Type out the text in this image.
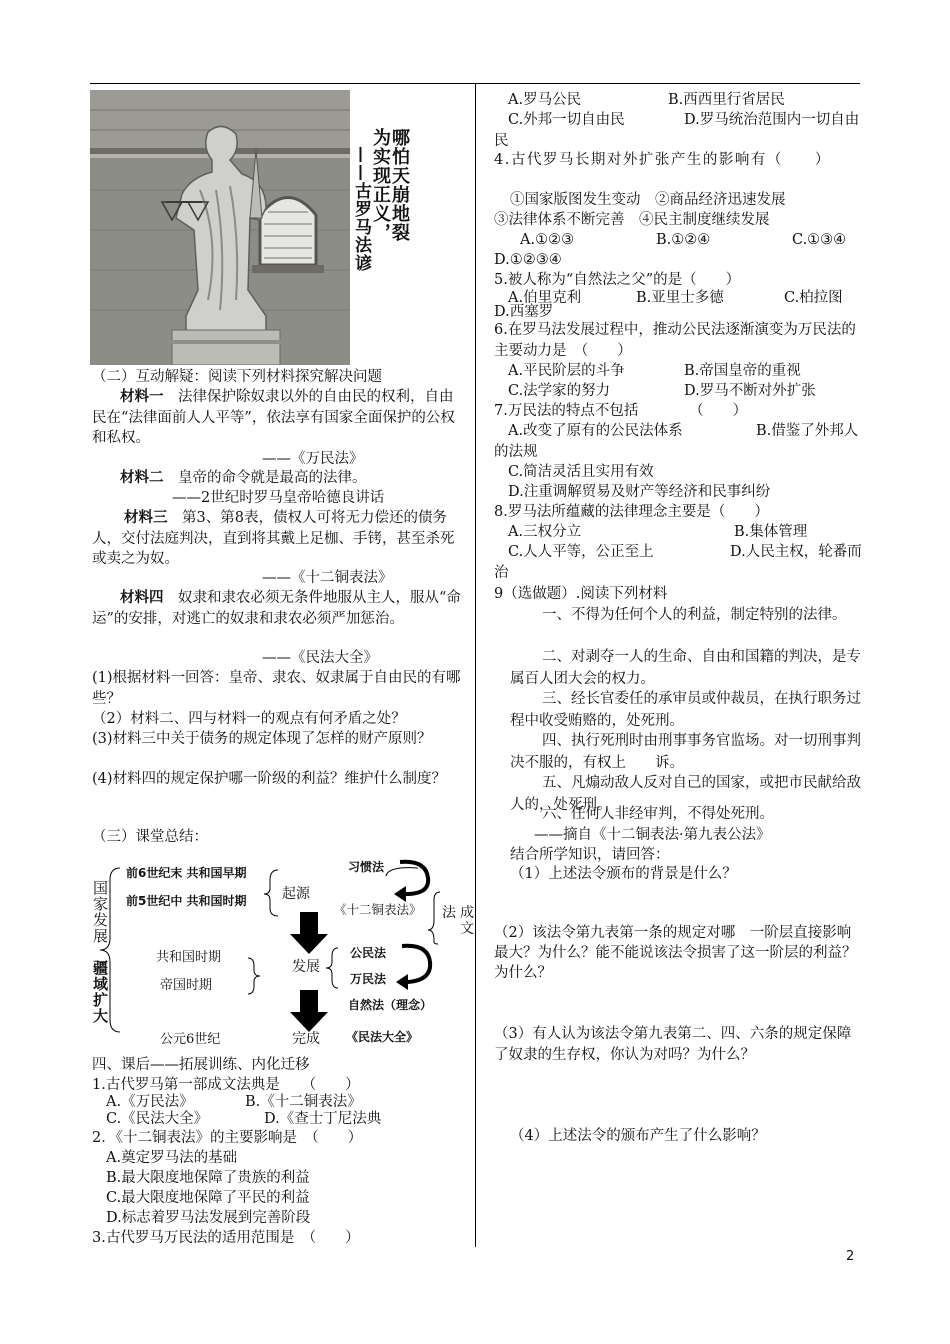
为实现正义，
哪怕天崩地裂
——古罗马法谚
（二）互动解疑：阅读下列材料探究解决问题
材料一　 法律保护除奴隶以外的自由民的权利，自由民在“法律面前人人平等”，依法享有国家全面保护的公权和私权。
——《万民法》
材料二　 皇帝的命令就是最高的法律。
——2世纪时罗马皇帝哈德良讲话
材料三　 第3、第8表，债权人可将无力偿还的债务人，交付法庭判决，直到将其戴上足枷、手铐，甚至杀死或卖之为奴。
——《十二铜表法》
材料四　 奴隶和隶农必须无条件地服从主人，服从“命运”的安排，对逃亡的奴隶和隶农必须严加惩治。
——《民法大全》
(1)根据材料一回答：皇帝、隶农、奴隶属于自由民的有哪些？
（2）材料二、四与材料一的观点有何矛盾之处？
(3)材料三中关于债务的规定体现了怎样的财产原则？
(4)材料四的规定保护哪一阶级的利益？维护什么制度？
（三）课堂总结：
国家发展
疆域扩大
前6世纪末 共和国早期
前5世纪中 共和国时期	起源
习惯法
《十二铜表法》 法 成
文
共和国时期
帝国时期
发展
公民法
万民法
自然法（理念）
公元6世纪	完成 《民法大全》
四、课后——拓展训练、内化迁移
1.古代罗马第一部成文法典是　　（　　）
A.《万民法》	B.《十二铜表法》
C.《民法大全》	D.《查士丁尼法典
2．《十二铜表法》的主要影响是　（　　）
A.奠定罗马法的基础
B.最大限度地保障了贵族的利益
C.最大限度地保障了平民的利益
D.标志着罗马法发展到完善阶段
3.古代罗马万民法的适用范围是　（　　）
A.罗马公民	B.西西里行省居民
C.外邦一切自由民	D.罗马统治范围内一切自由民
4.古代罗马长期对外扩张产生的影响有（　　）
①国家版图发生变动　②商品经济迅速发展
③法律体系不断完善　④民主制度继续发展
A.①②③	B.①②④	C.①③④
D.①②③④
5.被人称为“自然法之父”的是（　　）
A.伯里克利	B.亚里士多德	C.柏拉图
D.西塞罗
6.在罗马法发展过程中，推动公民法逐渐演变为万民法的主要动力是　（　　）
A.平民阶层的斗争	B.帝国皇帝的重视
C.法学家的努力	D.罗马不断对外扩张
7.万民法的特点不包括　　　　（　　）
A.改变了原有的公民法体系	B.借鉴了外邦人的法规
C.简洁灵活且实用有效
D.注重调解贸易及财产等经济和民事纠纷
8.罗马法所蕴藏的法律理念主要是（　　）
A.三权分立	B.集体管理
C.人人平等，公正至上	D.人民主权，轮番而治
9（选做题）.阅读下列材料
一、不得为任何个人的利益，制定特别的法律。
二、对剥夺一人的生命、自由和国籍的判决，是专属百人团大会的权力。
三、经长官委任的承审员或仲裁员，在执行职务过程中收受贿赂的，处死刑。
四、执行死刑时由刑事事务官监场。对一切刑事判决不服的，有权上　　诉。
五、凡煽动敌人反对自己的国家，或把市民献给敌人的，处死刑。
六、任何人非经审判，不得处死刑。
——摘自《十二铜表法·第九表公法》
结合所学知识，请回答：
（1）上述法令颁布的背景是什么？
（2）该法令第九表第一条的规定对哪　一阶层直接影响最大？为什么？能不能说该法令损害了这一阶层的利益？为什么？
（3）有人认为该法令第九表第二、四、六条的规定保障了奴隶的生存权，你认为对吗？为什么？
（4）上述法令的颁布产生了什么影响？
2
